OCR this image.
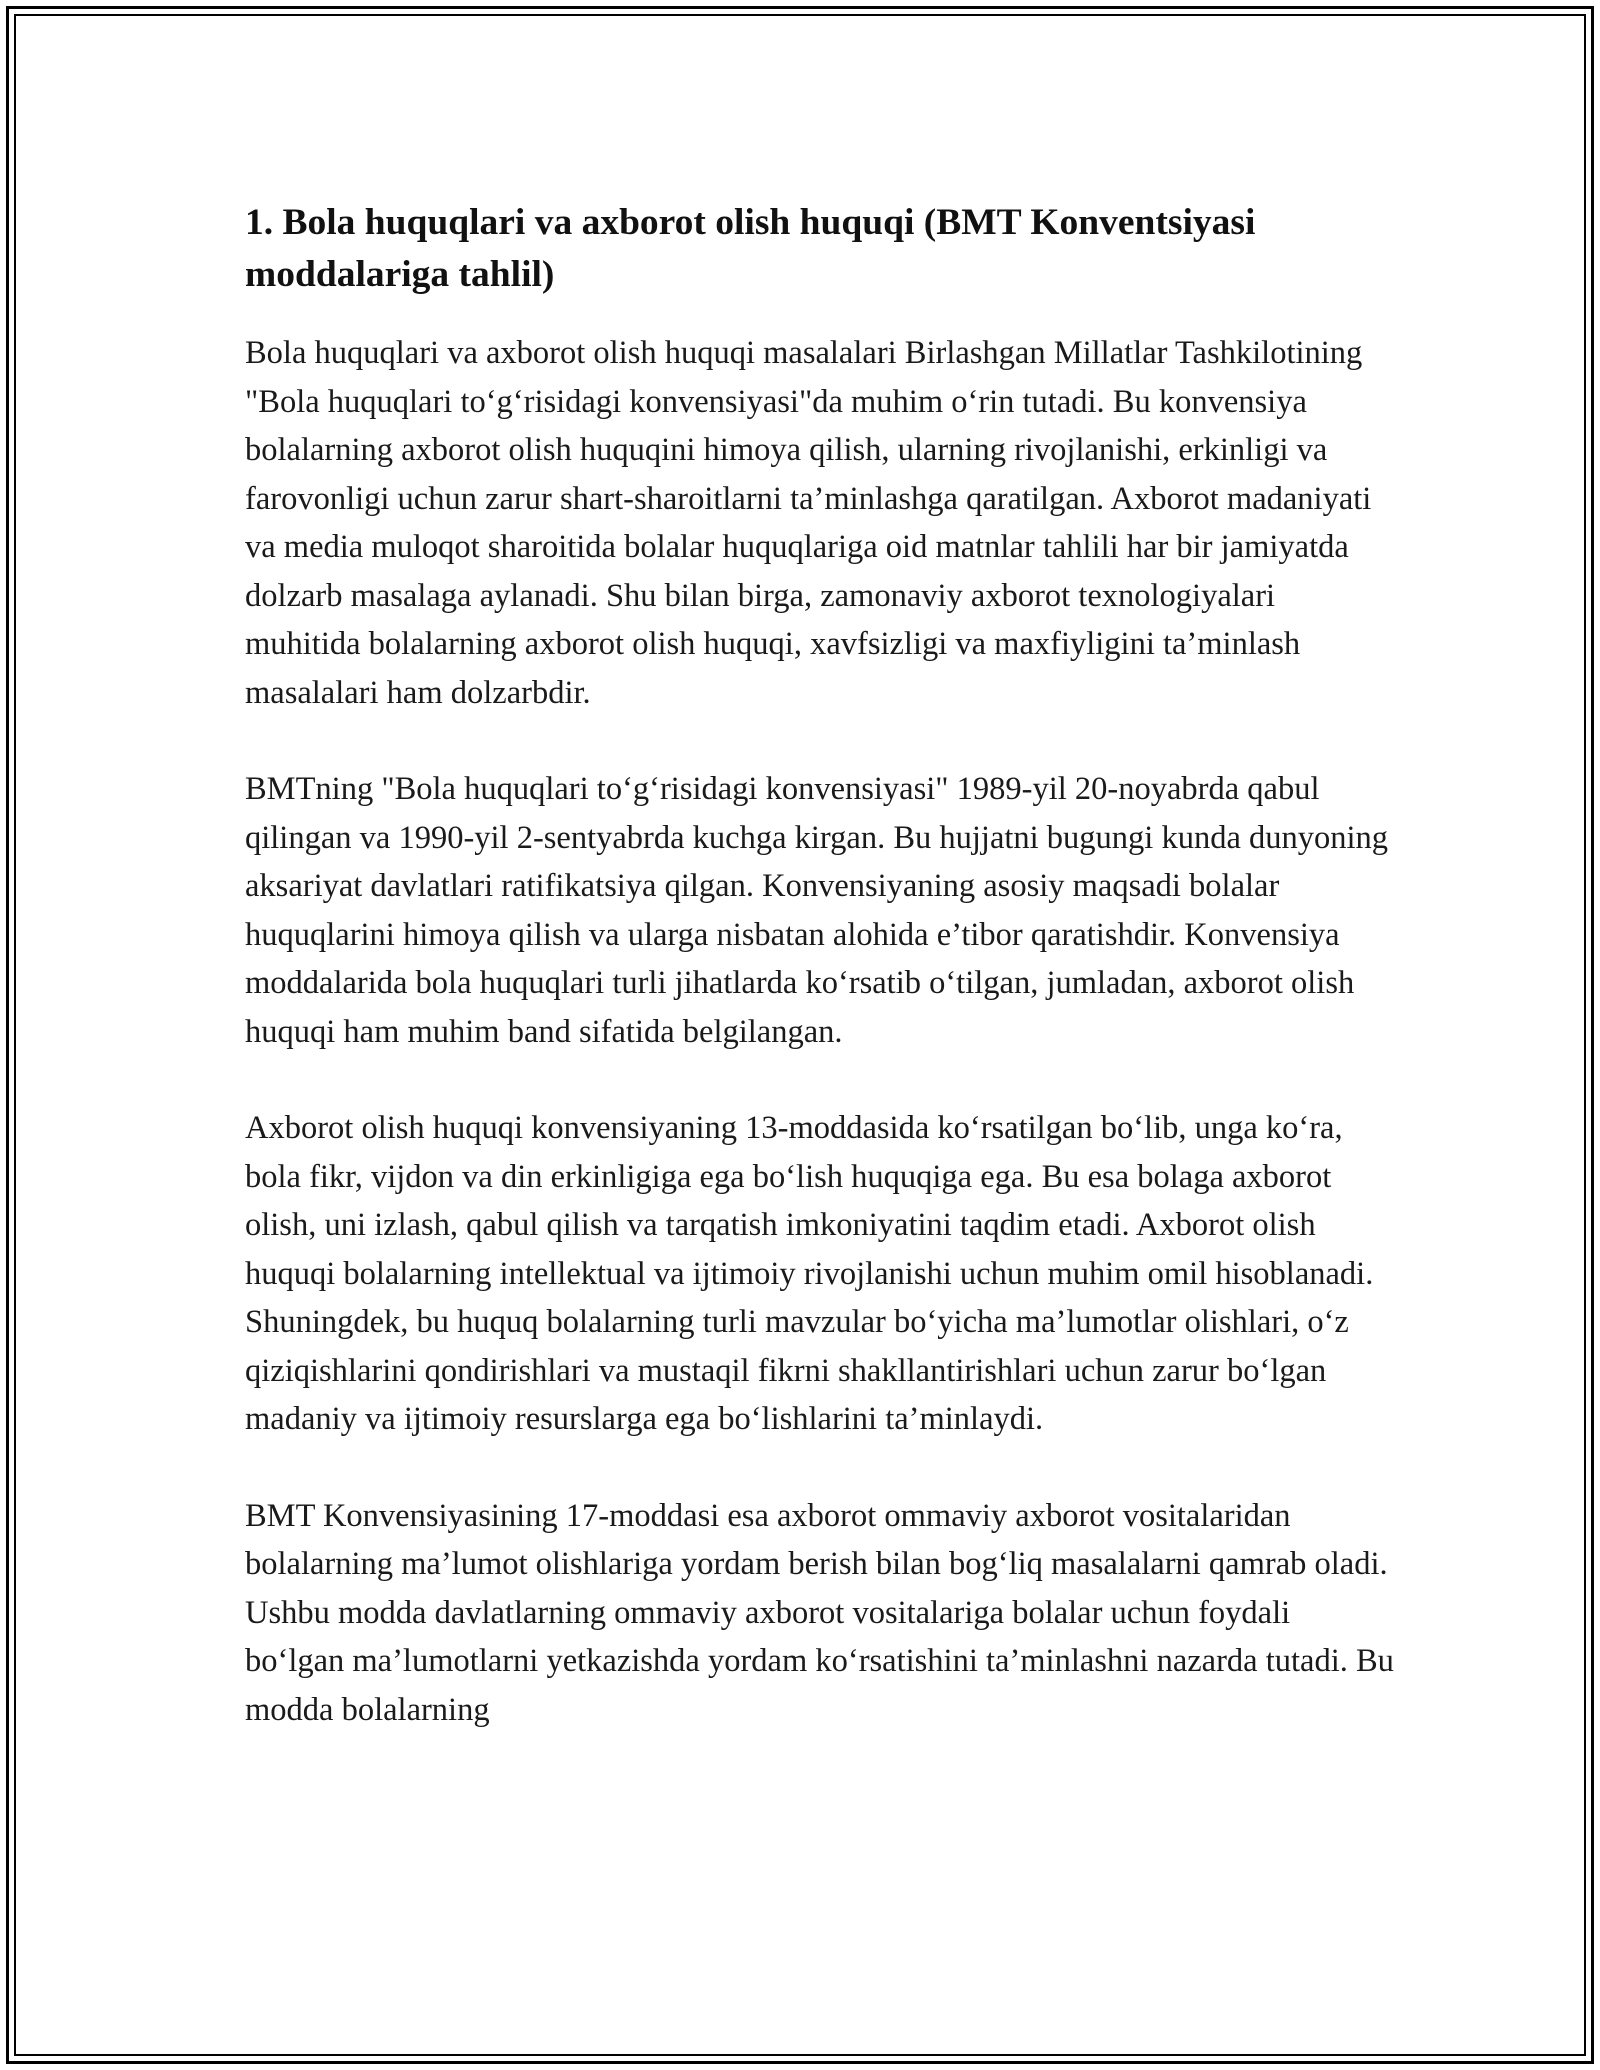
1. Bola huquqlari va axborot olish huquqi (BMT Konventsiyasi moddalariga tahlil)

Bola huquqlari va axborot olish huquqi masalalari Birlashgan Millatlar Tashkilotining "Bola huquqlari to‘g‘risidagi konvensiyasi"da muhim o‘rin tutadi. Bu konvensiya bolalarning axborot olish huquqini himoya qilish, ularning rivojlanishi, erkinligi va farovonligi uchun zarur shart-sharoitlarni ta’minlashga qaratilgan. Axborot madaniyati va media muloqot sharoitida bolalar huquqlariga oid matnlar tahlili har bir jamiyatda dolzarb masalaga aylanadi. Shu bilan birga, zamonaviy axborot texnologiyalari muhitida bolalarning axborot olish huquqi, xavfsizligi va maxfiyligini ta’minlash masalalari ham dolzarbdir.

BMTning "Bola huquqlari to‘g‘risidagi konvensiyasi" 1989-yil 20-noyabrda qabul qilingan va 1990-yil 2-sentyabrda kuchga kirgan. Bu hujjatni bugungi kunda dunyoning aksariyat davlatlari ratifikatsiya qilgan. Konvensiyaning asosiy maqsadi bolalar huquqlarini himoya qilish va ularga nisbatan alohida e’tibor qaratishdir. Konvensiya moddalarida bola huquqlari turli jihatlarda ko‘rsatib o‘tilgan, jumladan, axborot olish huquqi ham muhim band sifatida belgilangan.

Axborot olish huquqi konvensiyaning 13-moddasida ko‘rsatilgan bo‘lib, unga ko‘ra, bola fikr, vijdon va din erkinligiga ega bo‘lish huquqiga ega. Bu esa bolaga axborot olish, uni izlash, qabul qilish va tarqatish imkoniyatini taqdim etadi. Axborot olish huquqi bolalarning intellektual va ijtimoiy rivojlanishi uchun muhim omil hisoblanadi. Shuningdek, bu huquq bolalarning turli mavzular bo‘yicha ma’lumotlar olishlari, o‘z qiziqishlarini qondirishlari va mustaqil fikrni shakllantirishlari uchun zarur bo‘lgan madaniy va ijtimoiy resurslarga ega bo‘lishlarini ta’minlaydi.

BMT Konvensiyasining 17-moddasi esa axborot ommaviy axborot vositalaridan bolalarning ma’lumot olishlariga yordam berish bilan bog‘liq masalalarni qamrab oladi. Ushbu modda davlatlarning ommaviy axborot vositalariga bolalar uchun foydali bo‘lgan ma’lumotlarni yetkazishda yordam ko‘rsatishini ta’minlashni nazarda tutadi. Bu modda bolalarning
